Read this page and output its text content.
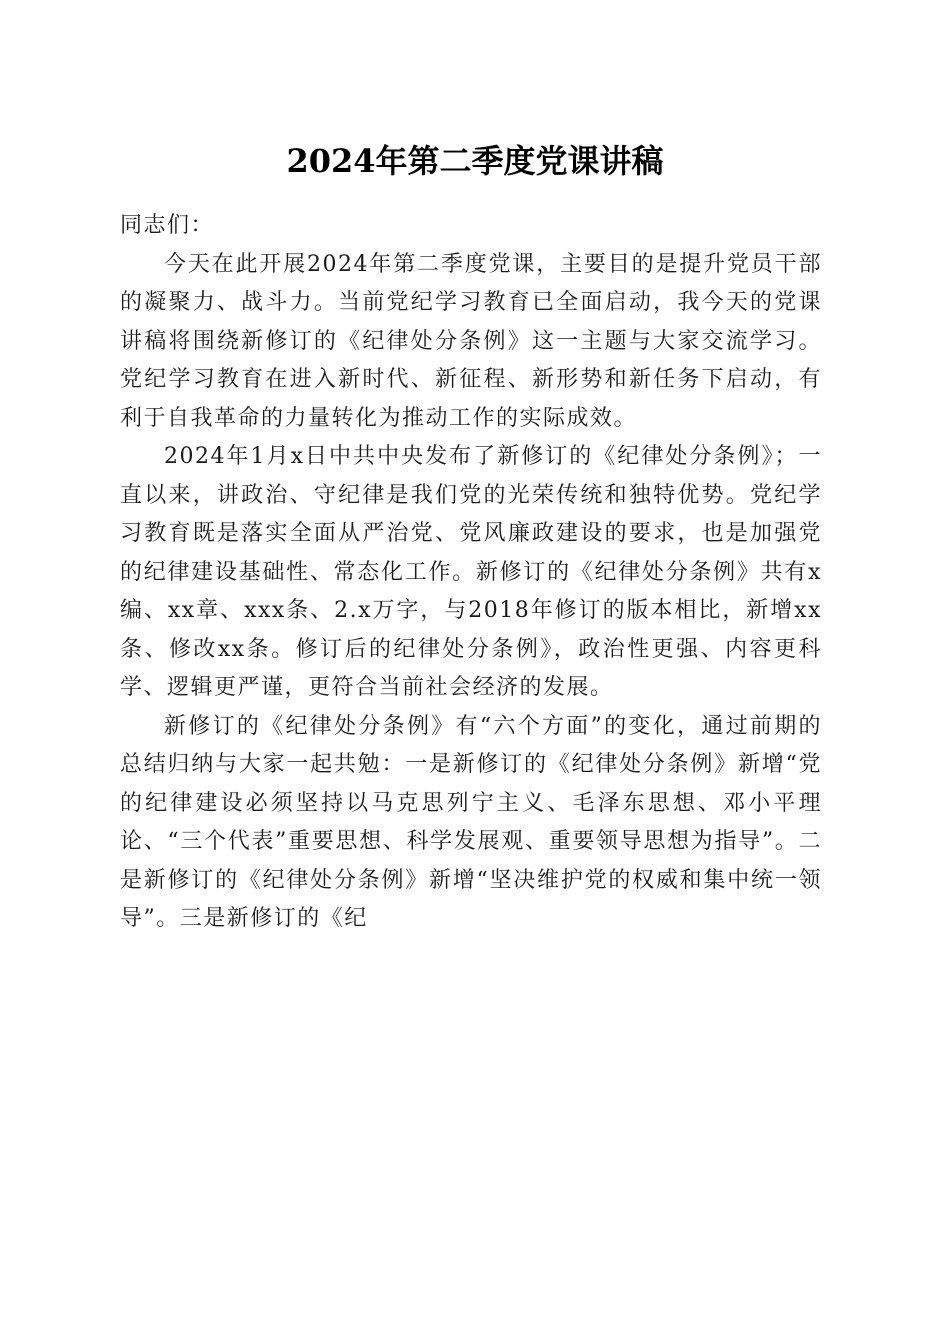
2024年第二季度党课讲稿

同志们：

今天在此开展2024年第二季度党课，主要目的是提升党员干部的凝聚力、战斗力。当前党纪学习教育已全面启动，我今天的党课讲稿将围绕新修订的《纪律处分条例》这一主题与大家交流学习。党纪学习教育在进入新时代、新征程、新形势和新任务下启动，有利于自我革命的力量转化为推动工作的实际成效。

2024年1月x日中共中央发布了新修订的《纪律处分条例》；一直以来，讲政治、守纪律是我们党的光荣传统和独特优势。党纪学习教育既是落实全面从严治党、党风廉政建设的要求，也是加强党的纪律建设基础性、常态化工作。新修订的《纪律处分条例》共有x编、xx章、xxx条、2.x万字，与2018年修订的版本相比，新增xx条、修改xx条。修订后的纪律处分条例》，政治性更强、内容更科学、逻辑更严谨，更符合当前社会经济的发展。

新修订的《纪律处分条例》有“六个方面”的变化，通过前期的总结归纳与大家一起共勉：一是新修订的《纪律处分条例》新增“党的纪律建设必须坚持以马克思列宁主义、毛泽东思想、邓小平理论、“三个代表”重要思想、科学发展观、重要领导思想为指导”。二是新修订的《纪律处分条例》新增“坚决维护党的权威和集中统一领导”。三是新修订的《纪
